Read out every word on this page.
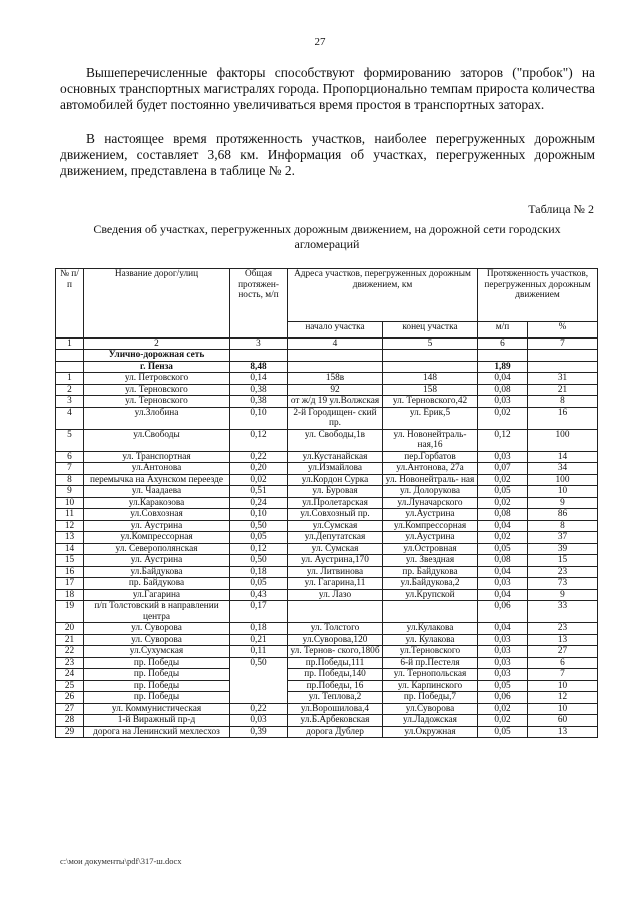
27

Вышеперечисленные факторы способствуют формированию заторов ("пробок") на основных транспортных магистралях города. Пропорционально темпам прироста количества автомобилей будет постоянно увеличиваться время простоя в транспортных заторах.

В настоящее время протяженность участков, наиболее перегруженных дорожным движением, составляет 3,68 км. Информация об участках, перегруженных дорожным движением, представлена в таблице № 2.

Таблица № 2
Сведения об участках, перегруженных дорожным движением, на дорожной сети городских агломераций
№ п/п	Название дорог/улиц	Общая протяжен- ность, м/п	Адреса участков, перегруженных дорожным движением, км		Протяженность участков, перегруженных дорожным движением	
			начало участка	конец участка	м/п	%
1	2	3	4	5	6	7
	Улично-дорожная сеть					
	г. Пенза	8,48			1,89	
1	ул. Петровского	0,14	158в	148	0,04	31
2	ул. Терновского	0,38	92	158	0,08	21
3	ул. Терновского	0,38	от ж/д 19 ул.Волжская	ул. Терновского,42	0,03	8
4	ул.Злобина	0,10	2-й Городищен- ский пр.	ул. Ерик,5	0,02	16
5	ул.Свободы	0,12	ул. Свободы,1в	ул. Новонейтраль- ная,16	0,12	100
6	ул. Транспортная	0,22	ул.Кустанайская	пер.Горбатов	0,03	14
7	ул.Антонова	0,20	ул.Измайлова	ул.Антонова, 27а	0,07	34
8	перемычка на Ахунском переезде	0,02	ул.Кордон Сурка	ул. Новонейтраль- ная	0,02	100
9	ул. Чаадаева	0,51	ул. Буровая	ул. Долорукова	0,05	10
10	ул.Каракозова	0,24	ул.Пролетарская	ул.Луначарского	0,02	9
11	ул.Совхозная	0,10	ул.Совхозный пр.	ул.Аустрина	0,08	86
12	ул. Аустрина	0,50	ул.Сумская	ул.Компрессорная	0,04	8
13	ул.Компрессорная	0,05	ул.Депутатская	ул.Аустрина	0,02	37
14	ул. Северополянская	0,12	ул. Сумская	ул.Островная	0,05	39
15	ул. Аустрина	0,50	ул. Аустрина,170	ул. Звездная	0,08	15
16	ул.Байдукова	0,18	ул. Литвинова	пр. Байдукова	0,04	23
17	пр. Байдукова	0,05	ул. Гагарина,11	ул.Байдукова,2	0,03	73
18	ул.Гагарина	0,43	ул. Лазо	ул.Крупской	0,04	9
19	п/п Толстовский в направлении центра	0,17			0,06	33
20	ул. Суворова	0,18	ул. Толстого	ул.Кулакова	0,04	23
21	ул. Суворова	0,21	ул.Суворова,120	ул. Кулакова	0,03	13
22	ул.Сухумская	0,11	ул. Тернов- ского,180б	ул.Терновского	0,03	27
23	пр. Победы	0,50	пр.Победы,111	6-й пр.Пестеля	0,03	6
24	пр. Победы		пр. Победы,140	ул. Тернопольская	0,03	7
25	пр. Победы		пр.Победы, 16	ул. Карпинского	0,05	10
26	пр. Победы		ул. Теплова,2	пр. Победы,7	0,06	12
27	ул. Коммунистическая	0,22	ул.Ворошилова,4	ул.Суворова	0,02	10
28	1-й Виражный пр-д	0,03	ул.Б.Арбековская	ул.Ладожская	0,02	60
29	дорога на Ленинский мехлесхоз	0,39	дорога Дублер	ул.Окружная	0,05	13
c:\мои документы\pdf\317-ш.docx
